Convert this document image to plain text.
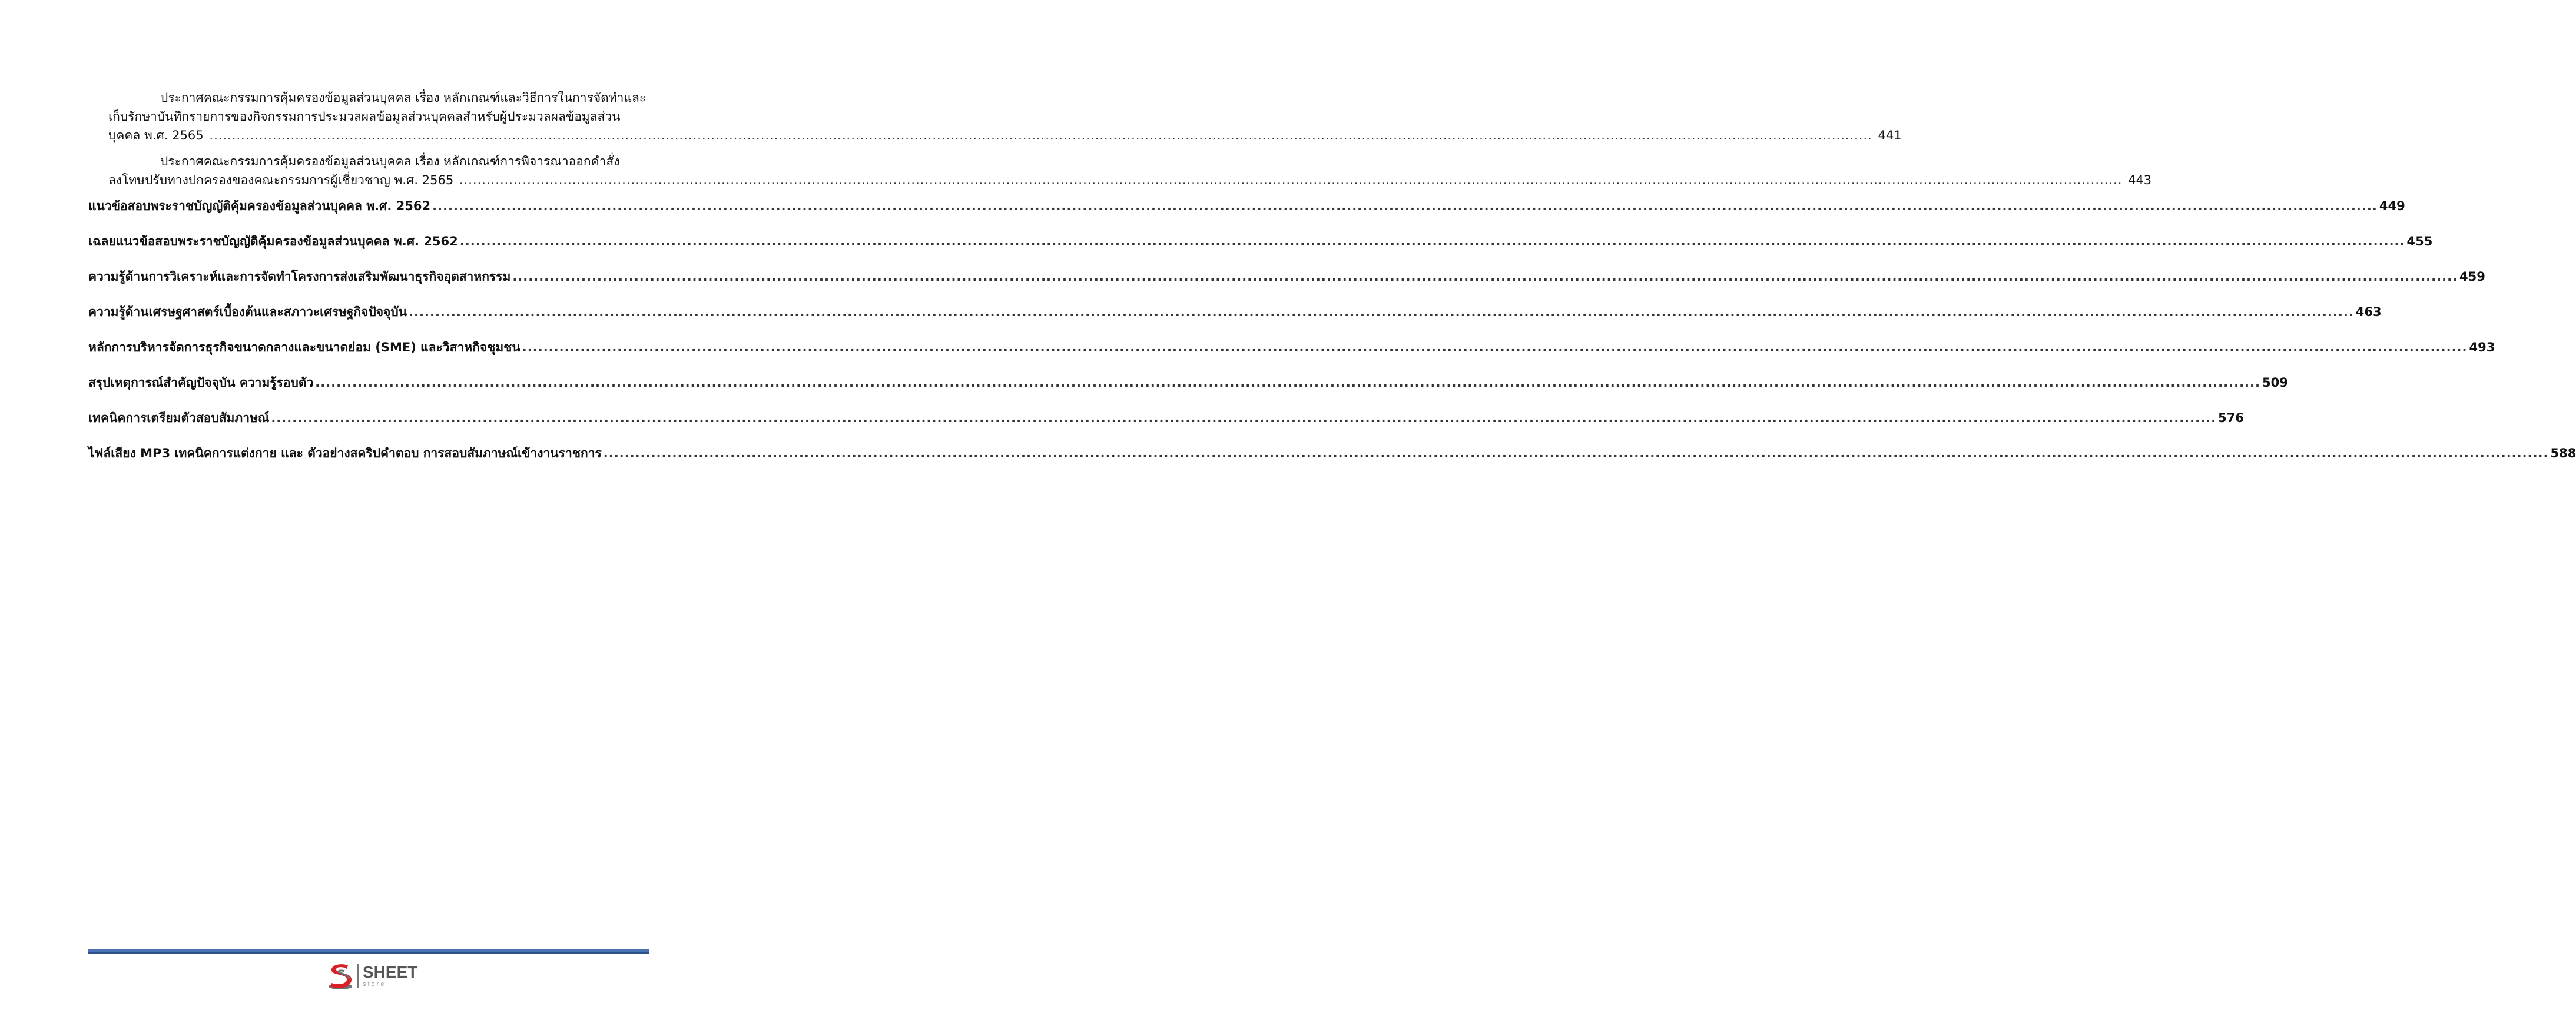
ประกาศคณะกรรมการคุ้มครองข้อมูลส่วนบุคคล เรื่อง หลักเกณฑ์และวิธีการในการจัดทำและ
เก็บรักษาบันทึกรายการของกิจกรรมการประมวลผลข้อมูลส่วนบุคคลสำหรับผู้ประมวลผลข้อมูลส่วน
บุคคล พ.ศ. 2565 .....	441
ประกาศคณะกรรมการคุ้มครองข้อมูลส่วนบุคคล เรื่อง หลักเกณฑ์การพิจารณาออกคำสั่ง
ลงโทษปรับทางปกครองของคณะกรรมการผู้เชี่ยวชาญ พ.ศ. 2565 .....	443
แนวข้อสอบพระราชบัญญัติคุ้มครองข้อมูลส่วนบุคคล พ.ศ. 2562 .....	449
เฉลยแนวข้อสอบพระราชบัญญัติคุ้มครองข้อมูลส่วนบุคคล พ.ศ. 2562 .....	455
ความรู้ด้านการวิเคราะห์และการจัดทำโครงการส่งเสริมพัฒนาธุรกิจอุตสาหกรรม .....	459
ความรู้ด้านเศรษฐศาสตร์เบื้องต้นและสภาวะเศรษฐกิจปัจจุบัน .....	463
หลักการบริหารจัดการธุรกิจขนาดกลางและขนาดย่อม (SME) และวิสาหกิจชุมชน .....	493
สรุปเหตุการณ์สำคัญปัจจุบัน ความรู้รอบตัว .....	509
เทคนิคการเตรียมตัวสอบสัมภาษณ์ .....	576
ไฟล์เสียง MP3 เทคนิคการแต่งกาย และ ตัวอย่างสคริปคำตอบ การสอบสัมภาษณ์เข้างานราชการ .....	588
SHEET
store
